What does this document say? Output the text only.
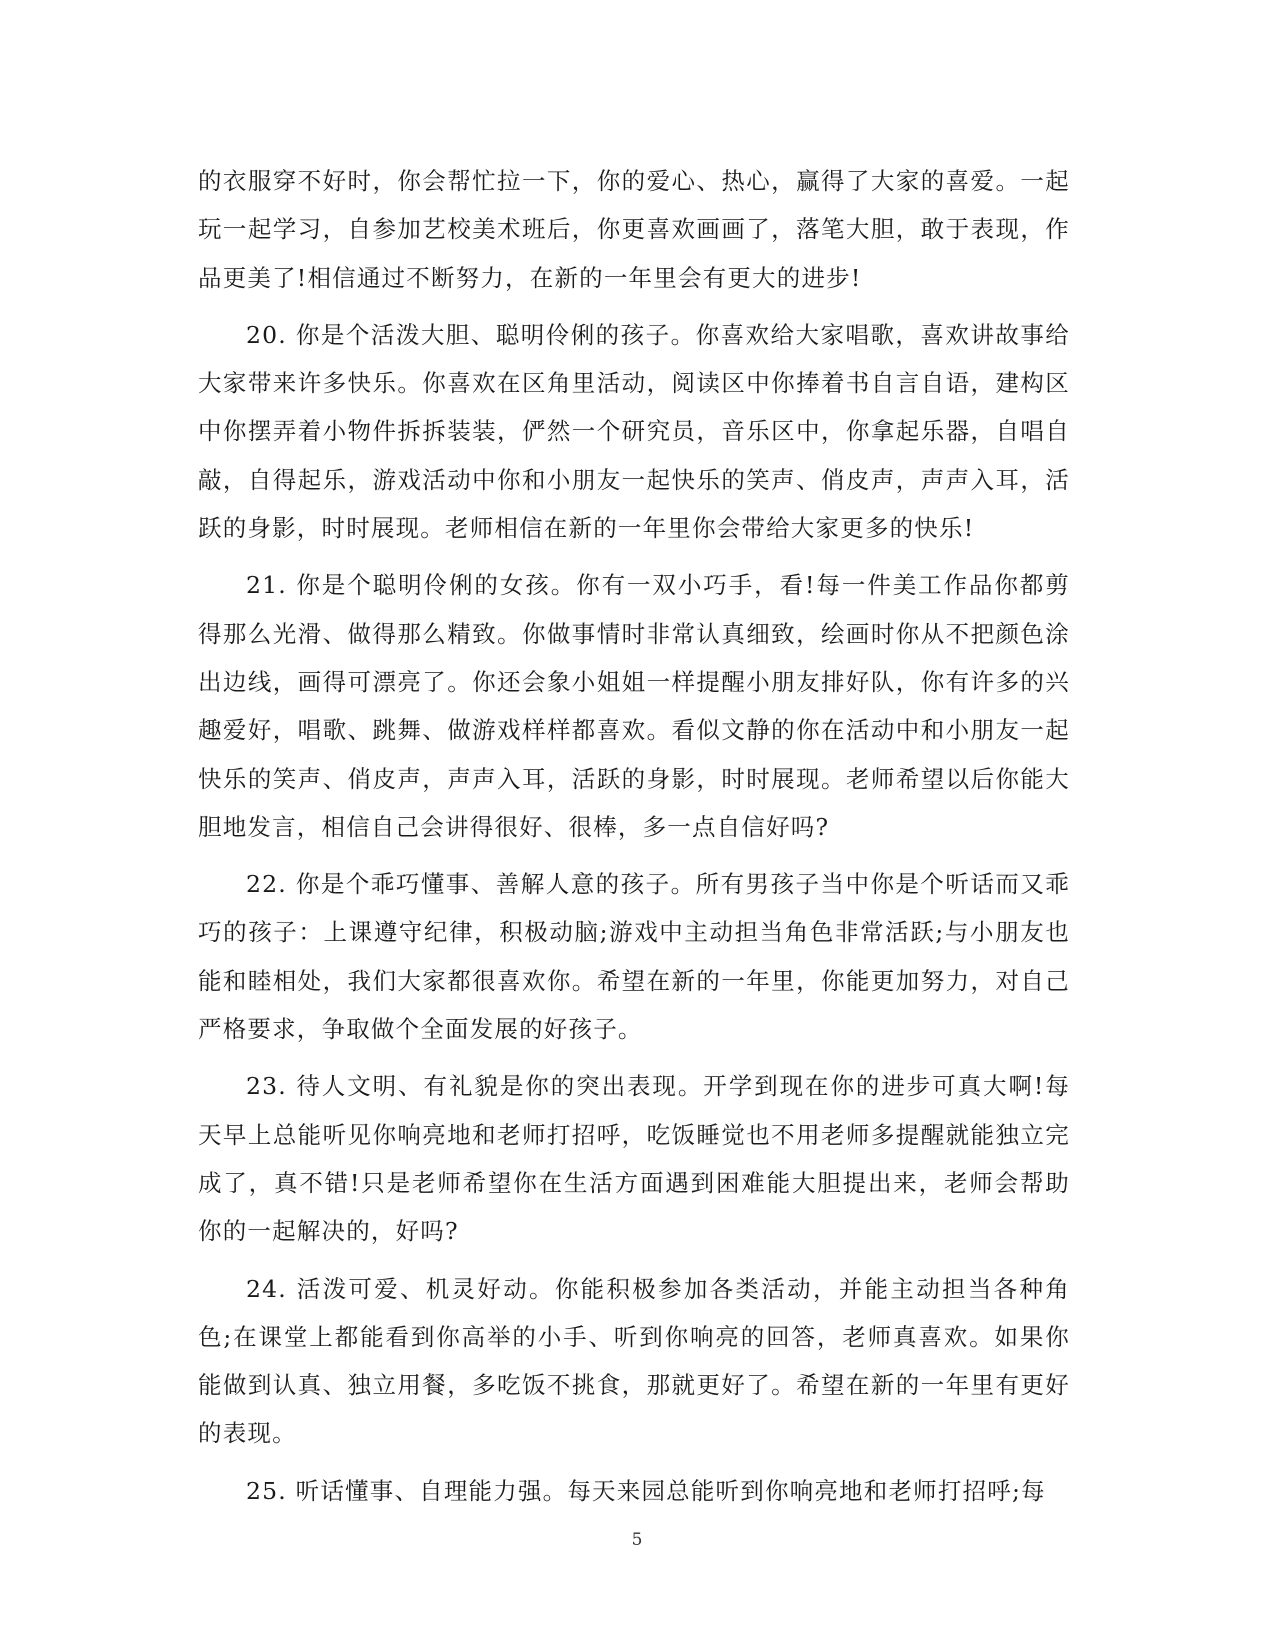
的衣服穿不好时，你会帮忙拉一下，你的爱心、热心，赢得了大家的喜爱。一起玩一起学习，自参加艺校美术班后，你更喜欢画画了，落笔大胆，敢于表现，作品更美了!相信通过不断努力，在新的一年里会有更大的进步!

20. 你是个活泼大胆、聪明伶俐的孩子。你喜欢给大家唱歌，喜欢讲故事给大家带来许多快乐。你喜欢在区角里活动，阅读区中你捧着书自言自语，建构区中你摆弄着小物件拆拆装装，俨然一个研究员，音乐区中，你拿起乐器，自唱自敲，自得起乐，游戏活动中你和小朋友一起快乐的笑声、俏皮声，声声入耳，活跃的身影，时时展现。老师相信在新的一年里你会带给大家更多的快乐!

21. 你是个聪明伶俐的女孩。你有一双小巧手，看!每一件美工作品你都剪得那么光滑、做得那么精致。你做事情时非常认真细致，绘画时你从不把颜色涂出边线，画得可漂亮了。你还会象小姐姐一样提醒小朋友排好队，你有许多的兴趣爱好，唱歌、跳舞、做游戏样样都喜欢。看似文静的你在活动中和小朋友一起快乐的笑声、俏皮声，声声入耳，活跃的身影，时时展现。老师希望以后你能大胆地发言，相信自己会讲得很好、很棒，多一点自信好吗?

22. 你是个乖巧懂事、善解人意的孩子。所有男孩子当中你是个听话而又乖巧的孩子：上课遵守纪律，积极动脑;游戏中主动担当角色非常活跃;与小朋友也能和睦相处，我们大家都很喜欢你。希望在新的一年里，你能更加努力，对自己严格要求，争取做个全面发展的好孩子。

23. 待人文明、有礼貌是你的突出表现。开学到现在你的进步可真大啊!每天早上总能听见你响亮地和老师打招呼，吃饭睡觉也不用老师多提醒就能独立完成了，真不错!只是老师希望你在生活方面遇到困难能大胆提出来，老师会帮助你的一起解决的，好吗?

24. 活泼可爱、机灵好动。你能积极参加各类活动，并能主动担当各种角色;在课堂上都能看到你高举的小手、听到你响亮的回答，老师真喜欢。如果你能做到认真、独立用餐，多吃饭不挑食，那就更好了。希望在新的一年里有更好的表现。

25. 听话懂事、自理能力强。每天来园总能听到你响亮地和老师打招呼;每

5
